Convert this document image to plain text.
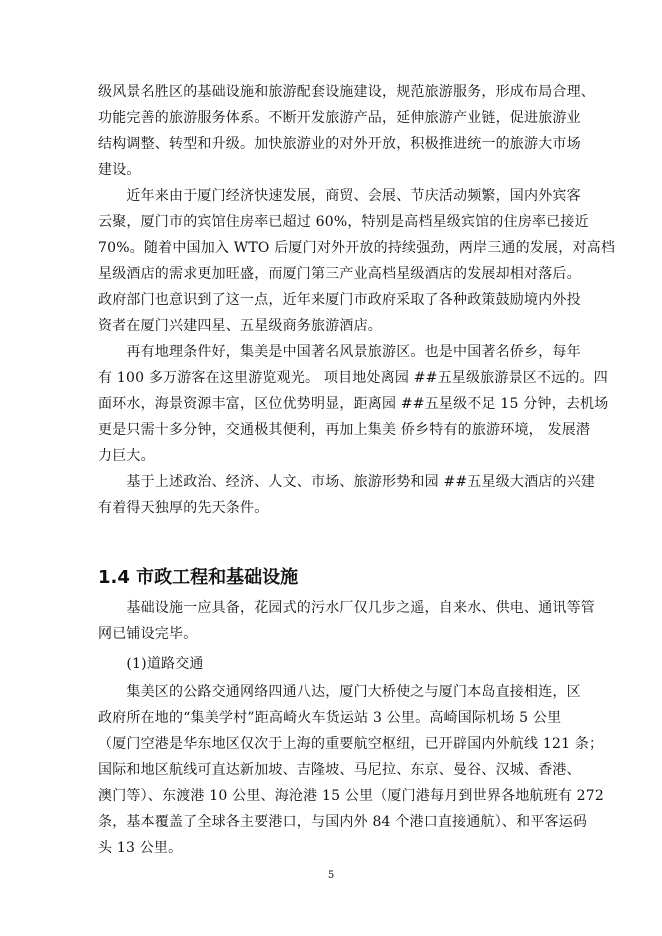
级风景名胜区的基础设施和旅游配套设施建设，规范旅游服务，形成布局合理、
功能完善的旅游服务体系。不断开发旅游产品，延伸旅游产业链，促进旅游业
结构调整、转型和升级。加快旅游业的对外开放，积极推进统一的旅游大市场
建设。
　　近年来由于厦门经济快速发展，商贸、会展、节庆活动频繁，国内外宾客
云聚，厦门市的宾馆住房率已超过 60%，特别是高档星级宾馆的住房率已接近
70%。随着中国加入 WTO 后厦门对外开放的持续强劲，两岸三通的发展，对高档
星级酒店的需求更加旺盛，而厦门第三产业高档星级酒店的发展却相对落后。
政府部门也意识到了这一点，近年来厦门市政府采取了各种政策鼓励境内外投
资者在厦门兴建四星、五星级商务旅游酒店。
　　再有地理条件好，集美是中国著名风景旅游区。也是中国著名侨乡，每年
有 100 多万游客在这里游览观光。 项目地处离园 ##五星级旅游景区不远的。四
面环水，海景资源丰富，区位优势明显，距离园 ##五星级不足 15 分钟，去机场
更是只需十多分钟，交通极其便利，再加上集美 侨乡特有的旅游环境， 发展潜
力巨大。
　　基于上述政治、经济、人文、市场、旅游形势和园 ##五星级大酒店的兴建
有着得天独厚的先天条件。
1.4 市政工程和基础设施
　　基础设施一应具备，花园式的污水厂仅几步之遥，自来水、供电、通讯等管
网已铺设完毕。
　　(1)道路交通
　　集美区的公路交通网络四通八达，厦门大桥使之与厦门本岛直接相连，区
政府所在地的“集美学村”距高崎火车货运站 3 公里。高崎国际机场 5 公里
（厦门空港是华东地区仅次于上海的重要航空枢纽，已开辟国内外航线 121 条；
国际和地区航线可直达新加坡、吉隆坡、马尼拉、东京、曼谷、汉城、香港、
澳门等）、东渡港 10 公里、海沧港 15 公里（厦门港每月到世界各地航班有 272
条，基本覆盖了全球各主要港口，与国内外 84 个港口直接通航）、和平客运码
头 13 公里。
5
